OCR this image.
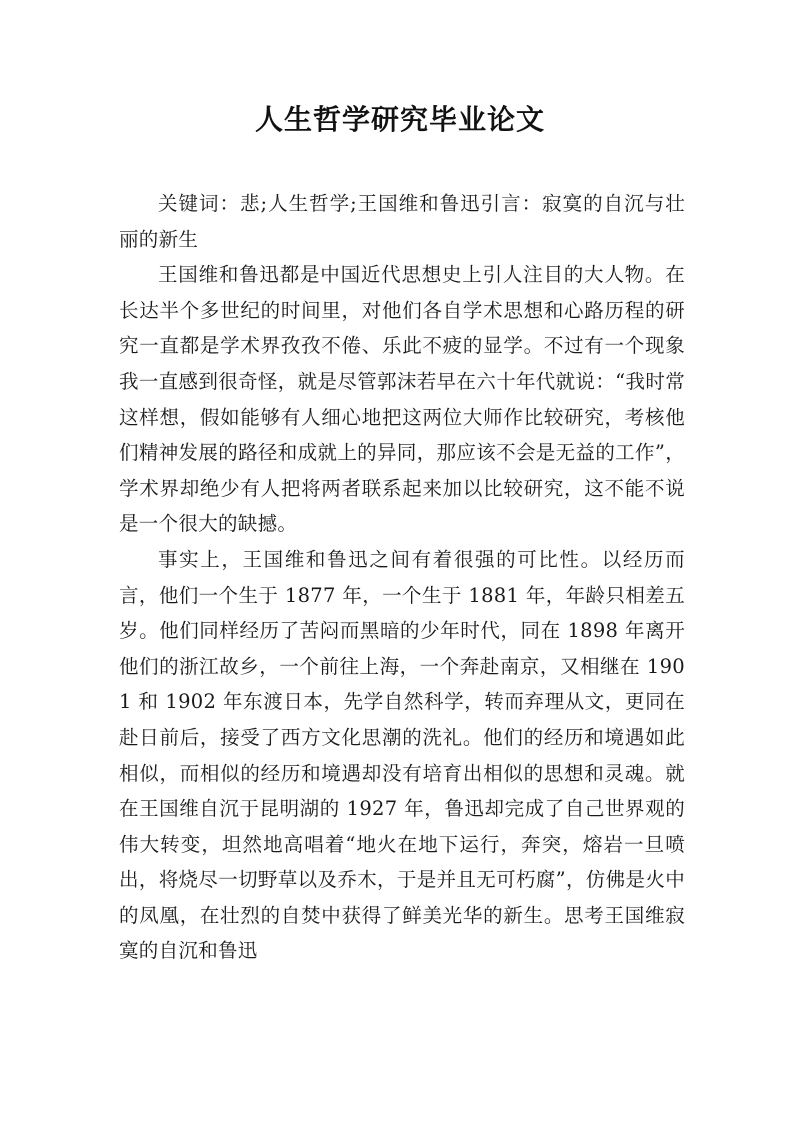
人生哲学研究毕业论文

关键词：悲;人生哲学;王国维和鲁迅引言：寂寞的自沉与壮丽的新生

王国维和鲁迅都是中国近代思想史上引人注目的大人物。在长达半个多世纪的时间里，对他们各自学术思想和心路历程的研究一直都是学术界孜孜不倦、乐此不疲的显学。不过有一个现象我一直感到很奇怪，就是尽管郭沫若早在六十年代就说：“我时常这样想，假如能够有人细心地把这两位大师作比较研究，考核他们精神发展的路径和成就上的异同，那应该不会是无益的工作”，学术界却绝少有人把将两者联系起来加以比较研究，这不能不说是一个很大的缺撼。

事实上，王国维和鲁迅之间有着很强的可比性。以经历而言，他们一个生于 1877 年，一个生于 1881 年，年龄只相差五岁。他们同样经历了苦闷而黑暗的少年时代，同在 1898 年离开他们的浙江故乡，一个前往上海，一个奔赴南京，又相继在 1901 和 1902 年东渡日本，先学自然科学，转而弃理从文，更同在赴日前后，接受了西方文化思潮的洗礼。他们的经历和境遇如此相似，而相似的经历和境遇却没有培育出相似的思想和灵魂。就在王国维自沉于昆明湖的 1927 年，鲁迅却完成了自己世界观的伟大转变，坦然地高唱着“地火在地下运行，奔突，熔岩一旦喷出，将烧尽一切野草以及乔木，于是并且无可朽腐”，仿佛是火中的凤凰，在壮烈的自焚中获得了鲜美光华的新生。思考王国维寂寞的自沉和鲁迅
